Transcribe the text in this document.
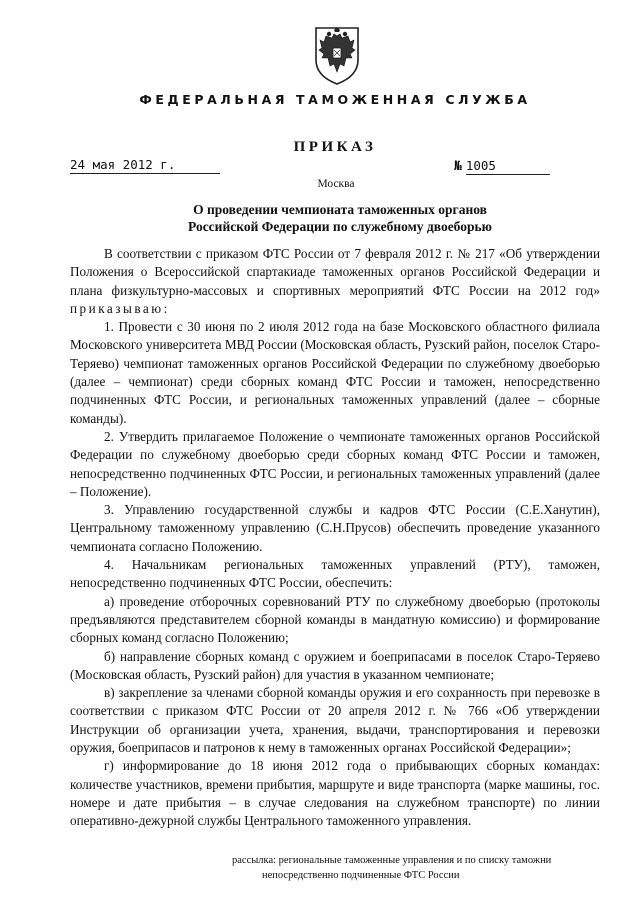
ФЕДЕРАЛЬНАЯ ТАМОЖЕННАЯ СЛУЖБА
ПРИКАЗ
24 мая 2012 г.	№ 1005
Москва
О проведении чемпионата таможенных органов
Российской Федерации по служебному двоеборью

В соответствии с приказом ФТС России от 7 февраля 2012 г. № 217 «Об утверждении Положения о Всероссийской спартакиаде таможенных органов Российской Федерации и плана физкультурно-массовых и спортивных мероприятий ФТС России на 2012 год» приказываю:

1. Провести с 30 июня по 2 июля 2012 года на базе Московского областного филиала Московского университета МВД России (Московская область, Рузский район, поселок Старо-Теряево) чемпионат таможенных органов Российской Федерации по служебному двоеборью (далее – чемпионат) среди сборных команд ФТС России и таможен, непосредственно подчиненных ФТС России, и региональных таможенных управлений (далее – сборные команды).

2. Утвердить прилагаемое Положение о чемпионате таможенных органов Российской Федерации по служебному двоеборью среди сборных команд ФТС России и таможен, непосредственно подчиненных ФТС России, и региональных таможенных управлений (далее – Положение).

3. Управлению государственной службы и кадров ФТС России (С.Е.Ханутин), Центральному таможенному управлению (С.Н.Прусов) обеспечить проведение указанного чемпионата согласно Положению.

4. Начальникам региональных таможенных управлений (РТУ), таможен, непосредственно подчиненных ФТС России, обеспечить:

а) проведение отборочных соревнований РТУ по служебному двоеборью (протоколы предъявляются представителем сборной команды в мандатную комиссию) и формирование сборных команд согласно Положению;

б) направление сборных команд с оружием и боеприпасами в поселок Старо-Теряево (Московская область, Рузский район) для участия в указанном чемпионате;

в) закрепление за членами сборной команды оружия и его сохранность при перевозке в соответствии с приказом ФТС России от 20 апреля 2012 г. № 766 «Об утверждении Инструкции об организации учета, хранения, выдачи, транспортирования и перевозки оружия, боеприпасов и патронов к нему в таможенных органах Российской Федерации»;

г) информирование до 18 июня 2012 года о прибывающих сборных командах: количестве участников, времени прибытия, маршруте и виде транспорта (марке машины, гос. номере и дате прибытия – в случае следования на служебном транспорте) по линии оперативно-дежурной службы Центрального таможенного управления.

рассылка: региональные таможенные управления и по списку таможни
непосредственно подчиненные ФТС России
